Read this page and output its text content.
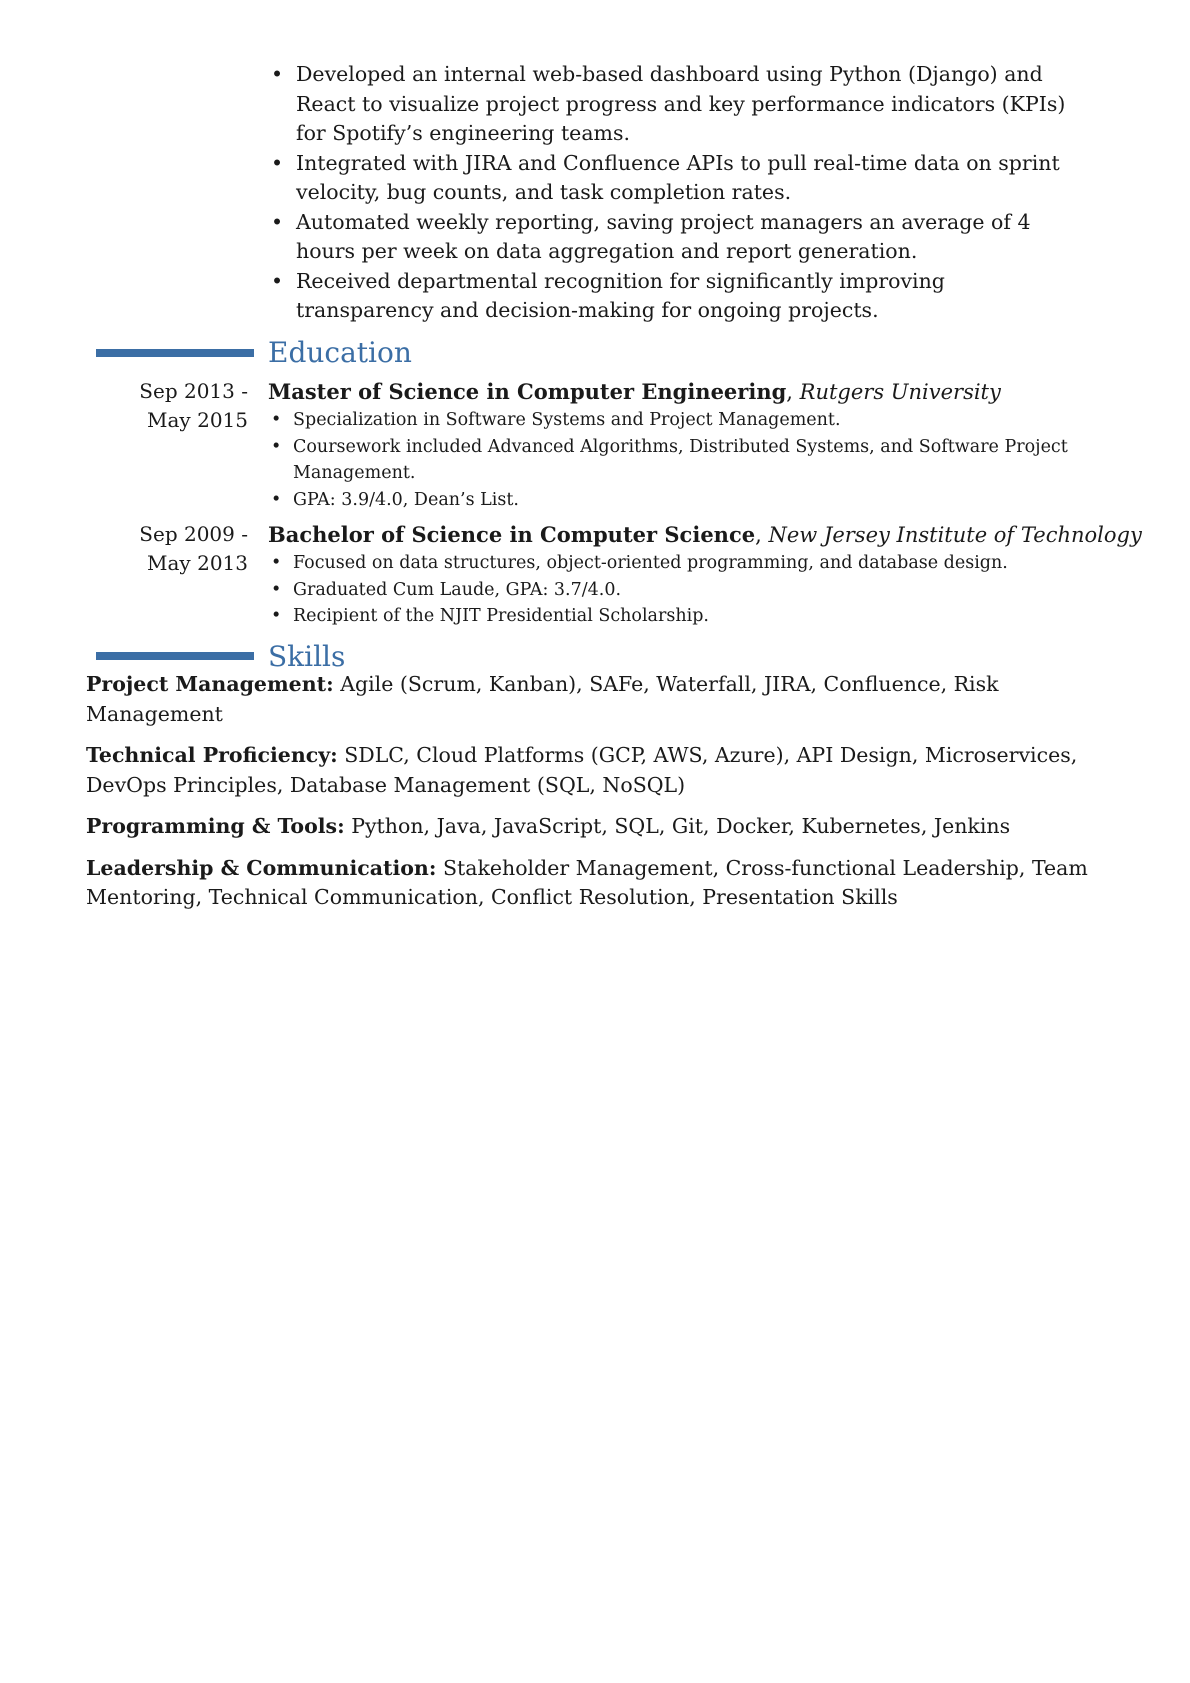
• Developed an internal web-based dashboard using Python (Django) and React to visualize project progress and key performance indicators (KPIs) for Spotify’s engineering teams.
• Integrated with JIRA and Confluence APIs to pull real-time data on sprint velocity, bug counts, and task completion rates.
• Automated weekly reporting, saving project managers an average of 4 hours per week on data aggregation and report generation.
• Received departmental recognition for significantly improving transparency and decision-making for ongoing projects.
Education
Sep 2013 - May 2015
Master of Science in Computer Engineering, Rutgers University
• Specialization in Software Systems and Project Management.
• Coursework included Advanced Algorithms, Distributed Systems, and Software Project Management.
• GPA: 3.9/4.0, Dean’s List.
Sep 2009 - May 2013
Bachelor of Science in Computer Science, New Jersey Institute of Technology
• Focused on data structures, object-oriented programming, and database design.
• Graduated Cum Laude, GPA: 3.7/4.0.
• Recipient of the NJIT Presidential Scholarship.
Skills

Project Management: Agile (Scrum, Kanban), SAFe, Waterfall, JIRA, Confluence, Risk Management

Technical Proficiency: SDLC, Cloud Platforms (GCP, AWS, Azure), API Design, Microservices, DevOps Principles, Database Management (SQL, NoSQL)

Programming & Tools: Python, Java, JavaScript, SQL, Git, Docker, Kubernetes, Jenkins

Leadership & Communication: Stakeholder Management, Cross-functional Leadership, Team Mentoring, Technical Communication, Conflict Resolution, Presentation Skills
